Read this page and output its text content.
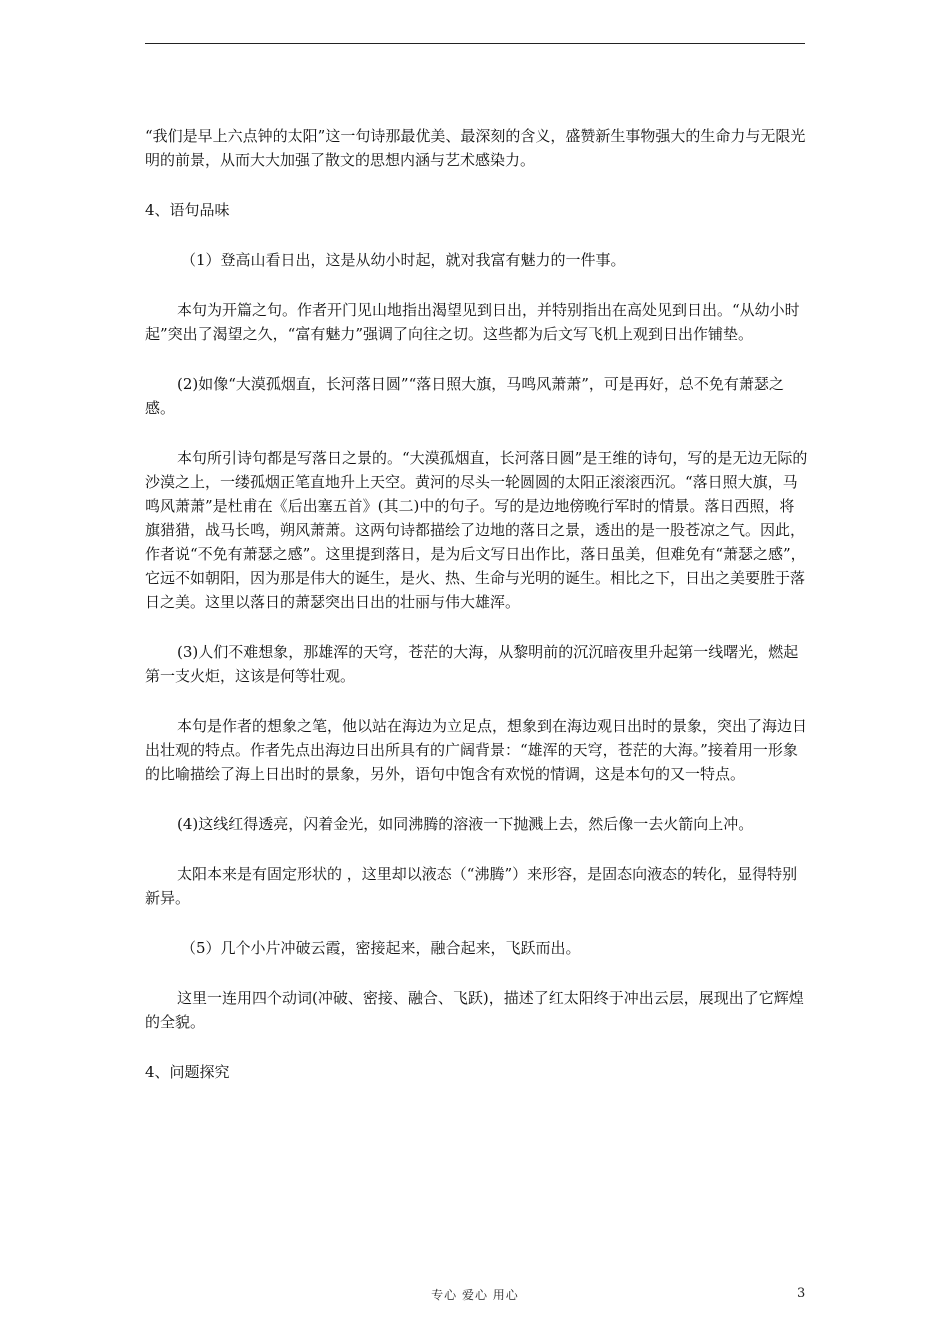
“我们是早上六点钟的太阳”这一句诗那最优美、最深刻的含义，盛赞新生事物强大的生命力与无限光明的前景，从而大大加强了散文的思想内涵与艺术感染力。

4、语句品味

（1）登高山看日出，这是从幼小时起，就对我富有魅力的一件事。

本句为开篇之句。作者开门见山地指出渴望见到日出，并特别指出在高处见到日出。“从幼小时起”突出了渴望之久，“富有魅力”强调了向往之切。这些都为后文写飞机上观到日出作铺垫。

(2)如像“大漠孤烟直，长河落日圆”“落日照大旗，马鸣风萧萧”，可是再好，总不免有萧瑟之感。

本句所引诗句都是写落日之景的。“大漠孤烟直，长河落日圆”是王维的诗句，写的是无边无际的沙漠之上，一缕孤烟正笔直地升上天空。黄河的尽头一轮圆圆的太阳正滚滚西沉。“落日照大旗，马鸣风萧萧”是杜甫在《后出塞五首》(其二)中的句子。写的是边地傍晚行军时的情景。落日西照，将旗猎猎，战马长鸣，朔风萧萧。这两句诗都描绘了边地的落日之景，透出的是一股苍凉之气。因此，作者说“不免有萧瑟之感”。这里提到落日，是为后文写日出作比，落日虽美，但难免有“萧瑟之感”，它远不如朝阳，因为那是伟大的诞生，是火、热、生命与光明的诞生。相比之下，日出之美要胜于落日之美。这里以落日的萧瑟突出日出的壮丽与伟大雄浑。

(3)人们不难想象，那雄浑的天穹，苍茫的大海，从黎明前的沉沉暗夜里升起第一线曙光，燃起第一支火炬，这该是何等壮观。

本句是作者的想象之笔，他以站在海边为立足点，想象到在海边观日出时的景象，突出了海边日出壮观的特点。作者先点出海边日出所具有的广阔背景：“雄浑的天穹，苍茫的大海。”接着用一形象的比喻描绘了海上日出时的景象，另外，语句中饱含有欢悦的情调，这是本句的又一特点。

(4)这线红得透亮，闪着金光，如同沸腾的溶液一下抛溅上去，然后像一去火箭向上冲。

太阳本来是有固定形状的 ，这里却以液态（“沸腾”）来形容，是固态向液态的转化，显得特别新异。

（5）几个小片冲破云霞，密接起来，融合起来，飞跃而出。

这里一连用四个动词(冲破、密接、融合、飞跃)，描述了红太阳终于冲出云层，展现出了它辉煌的全貌。

4、问题探究

专心 爱心 用心	3
